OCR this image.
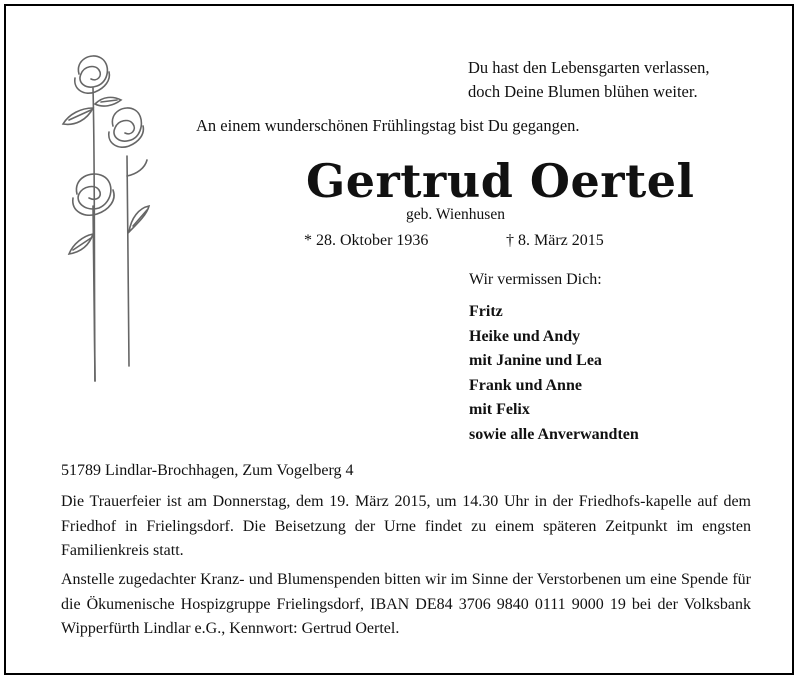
Du hast den Lebensgarten verlassen,
doch Deine Blumen blühen weiter.
An einem wunderschönen Frühlingstag bist Du gegangen.
Gertrud Oertel
geb. Wienhusen
* 28. Oktober 1936	† 8. März 2015
Wir vermissen Dich:
Fritz
Heike und Andy
mit Janine und Lea
Frank und Anne
mit Felix
sowie alle Anverwandten
51789 Lindlar-Brochhagen, Zum Vogelberg 4
Die Trauerfeier ist am Donnerstag, dem 19. März 2015, um 14.30 Uhr in der Friedhofs-kapelle auf dem Friedhof in Frielingsdorf. Die Beisetzung der Urne findet zu einem späteren Zeitpunkt im engsten Familienkreis statt.
Anstelle zugedachter Kranz- und Blumenspenden bitten wir im Sinne der Verstorbenen um eine Spende für die Ökumenische Hospizgruppe Frielingsdorf, IBAN DE84 3706 9840 0111 9000 19 bei der Volksbank Wipperfürth Lindlar e.G., Kennwort: Gertrud Oertel.
